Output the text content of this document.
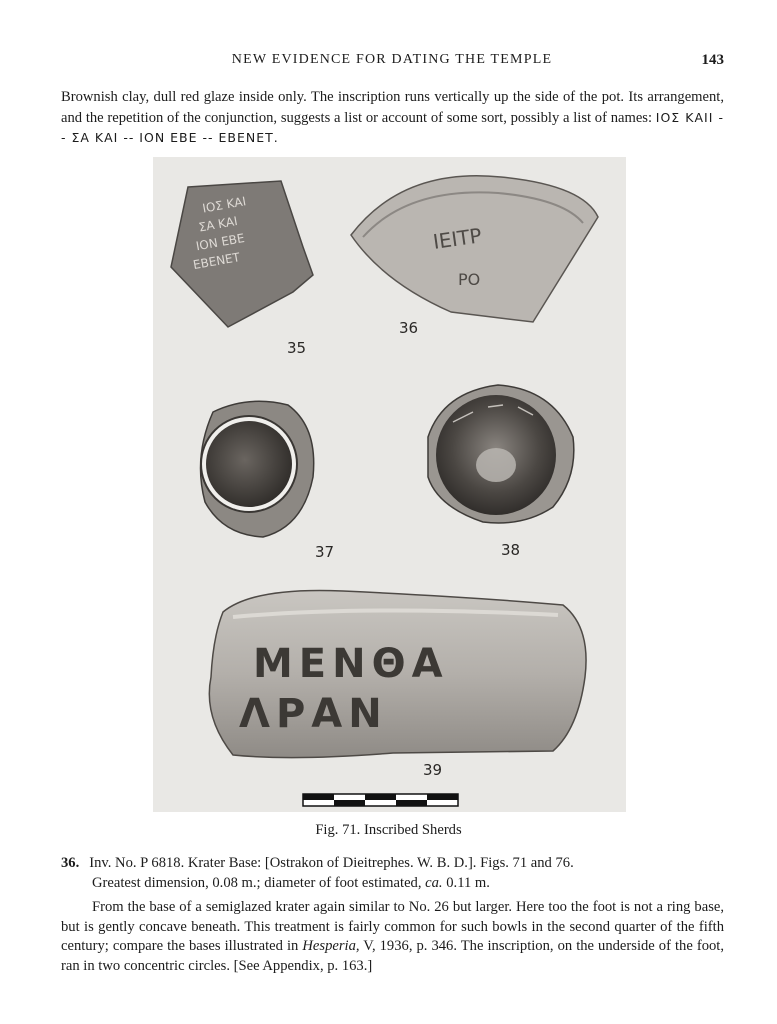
NEW EVIDENCE FOR DATING THE TEMPLE	143
Brownish clay, dull red glaze inside only. The inscription runs vertically up the side of the pot. Its arrangement, and the repetition of the conjunction, suggests a list or account of some sort, possibly a list of names: ΙΟΣ ΚΑΙΙ -- ΣΑ ΚΑΙ -- ΙΟΝ ΕΒΕ -- ΕΒΕΝΕΤ.
ΙΟΣ ΚΑΙ
ΣΑ ΚΑΙ
ΙΟΝ ΕΒΕ
ΕΒΕΝΕΤ
ΙΕΙΤΡ
ΡΟ
ΜΕΝΘΑ
ΛΡΑΝ
35
36
37	38
39
Fig. 71. Inscribed Sherds
36. Inv. No. P 6818. Krater Base: [Ostrakon of Dieitrephes. W. B. D.]. Figs. 71 and 76.
Greatest dimension, 0.08 m.; diameter of foot estimated, ca. 0.11 m.
From the base of a semiglazed krater again similar to No. 26 but larger. Here too the foot is not a ring base, but is gently concave beneath. This treatment is fairly common for such bowls in the second quarter of the fifth century; compare the bases illustrated in Hesperia, V, 1936, p. 346. The inscription, on the underside of the foot, ran in two concentric circles. [See Appendix, p. 163.]
